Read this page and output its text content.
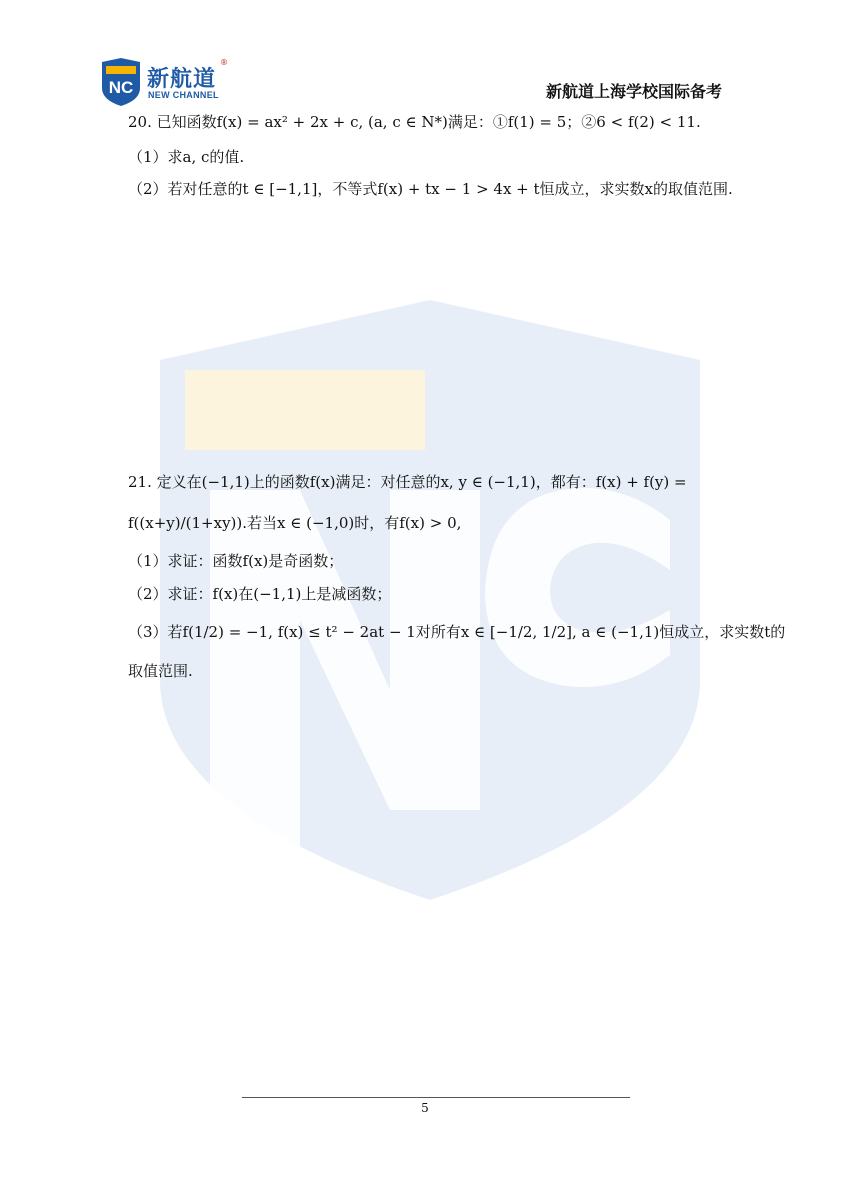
NC 新航道
®
NEW CHANNEL	新航道上海学校国际备考
20. 已知函数f(x) = ax² + 2x + c, (a, c ∈ N*)满足：①f(1) = 5；②6 < f(2) < 11.
（1）求a, c的值.
（2）若对任意的t ∈ [−1,1]，不等式f(x) + tx − 1 > 4x + t恒成立，求实数x的取值范围.
21. 定义在(−1,1)上的函数f(x)满足：对任意的x, y ∈ (−1,1)，都有：f(x) + f(y) =
f((x+y)/(1+xy)).若当x ∈ (−1,0)时，有f(x) > 0,
（1）求证：函数f(x)是奇函数；
（2）求证：f(x)在(−1,1)上是减函数；
（3）若f(1/2) = −1, f(x) ≤ t² − 2at − 1对所有x ∈ [−1/2, 1/2], a ∈ (−1,1)恒成立，求实数t的
取值范围.
5
